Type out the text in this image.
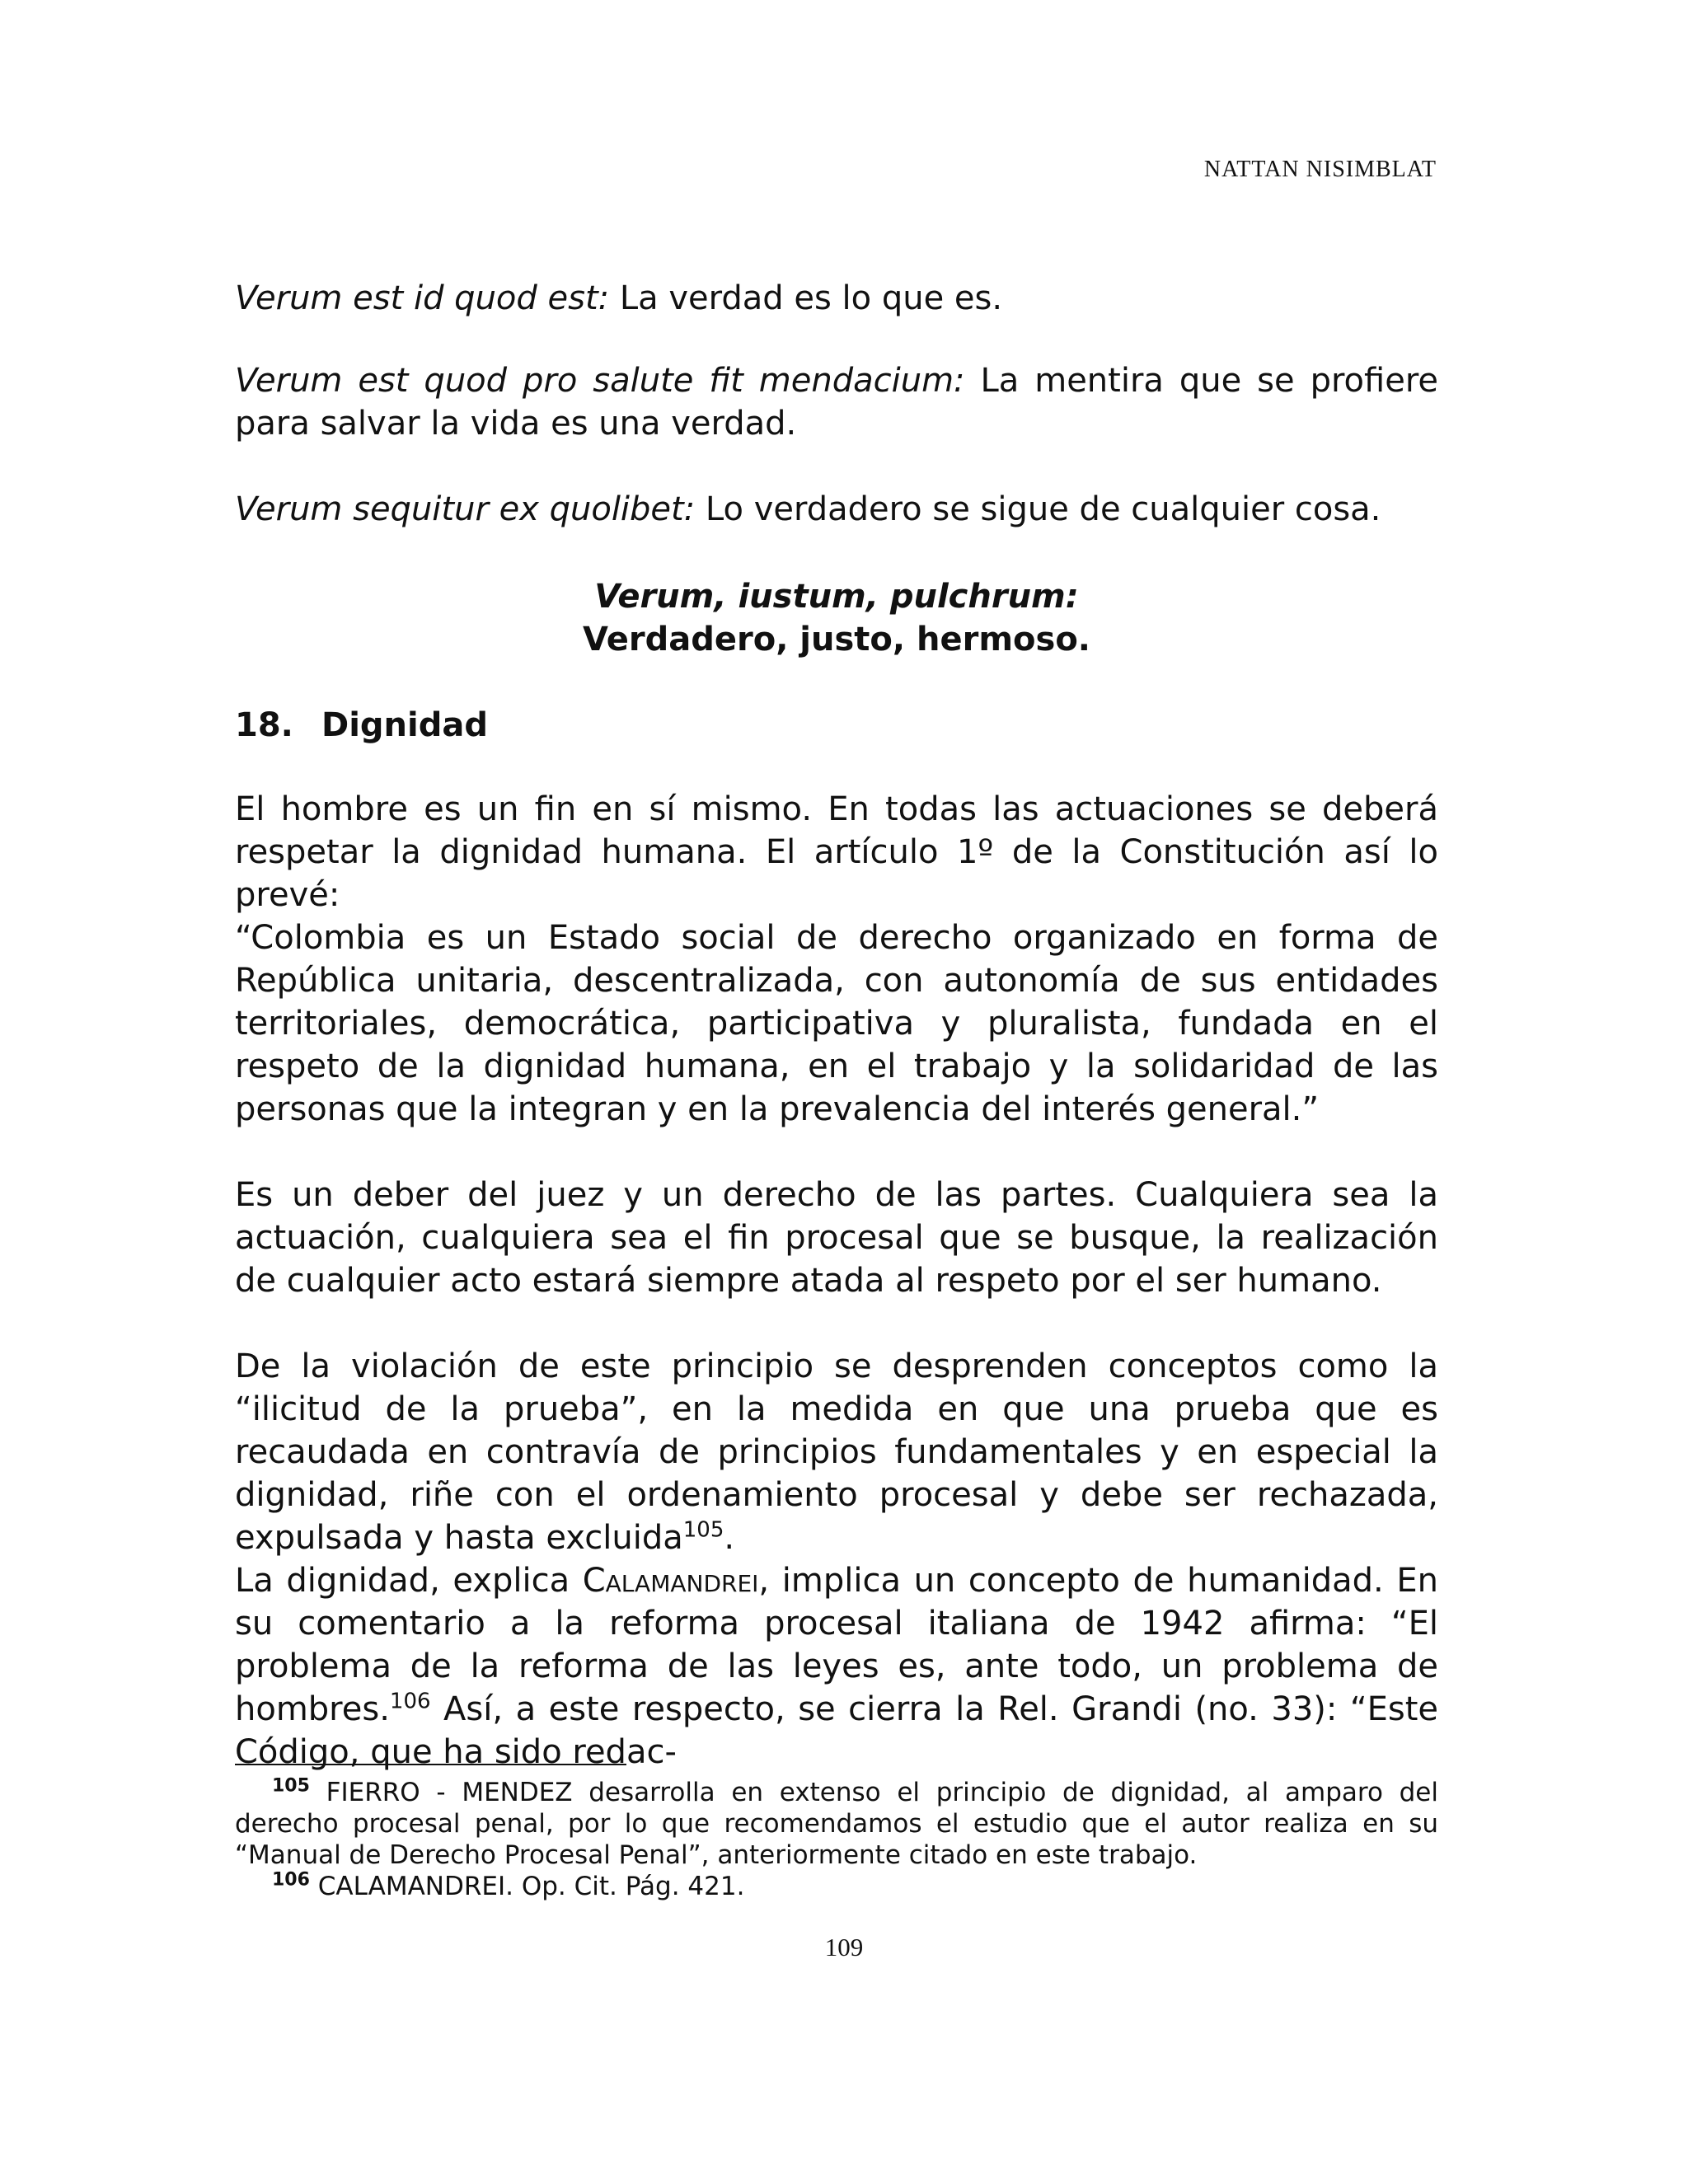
NATTAN NISIMBLAT

Verum est id quod est: La verdad es lo que es.

Verum est quod pro salute fit mendacium: La mentira que se profiere para salvar la vida es una verdad.

Verum sequitur ex quolibet: Lo verdadero se sigue de cualquier cosa.

Verum, iustum, pulchrum:
Verdadero, justo, hermoso.
18. Dignidad

El hombre es un fin en sí mismo. En todas las actuaciones se deberá respetar la dignidad humana. El artículo 1º de la Constitución así lo prevé:

“Colombia es un Estado social de derecho organizado en forma de República unitaria, descentralizada, con autonomía de sus entidades territoriales, democrática, participativa y pluralista, fundada en el respeto de la dignidad humana, en el trabajo y la solidaridad de las personas que la integran y en la prevalencia del interés general.”

Es un deber del juez y un derecho de las partes. Cualquiera sea la actuación, cualquiera sea el fin procesal que se busque, la realización de cualquier acto estará siempre atada al respeto por el ser humano.

De la violación de este principio se desprenden conceptos como la “ilicitud de la prueba”, en la medida en que una prueba que es recaudada en contravía de principios fundamentales y en especial la dignidad, riñe con el ordenamiento procesal y debe ser rechazada, expulsada y hasta excluida$^{105}$.

La dignidad, explica Calamandrei, implica un concepto de humanidad. En su comentario a la reforma procesal italiana de 1942 afirma: “El problema de la reforma de las leyes es, ante todo, un problema de hombres.$^{106}$ Así, a este respecto, se cierra la Rel. Grandi (no. 33): “Este Código, que ha sido redac-

$^{105}$ FIERRO - MENDEZ desarrolla en extenso el principio de dignidad, al amparo del derecho procesal penal, por lo que recomendamos el estudio que el autor realiza en su “Manual de Derecho Procesal Penal”, anteriormente citado en este trabajo.

$^{106}$ CALAMANDREI. Op. Cit. Pág. 421.

109
